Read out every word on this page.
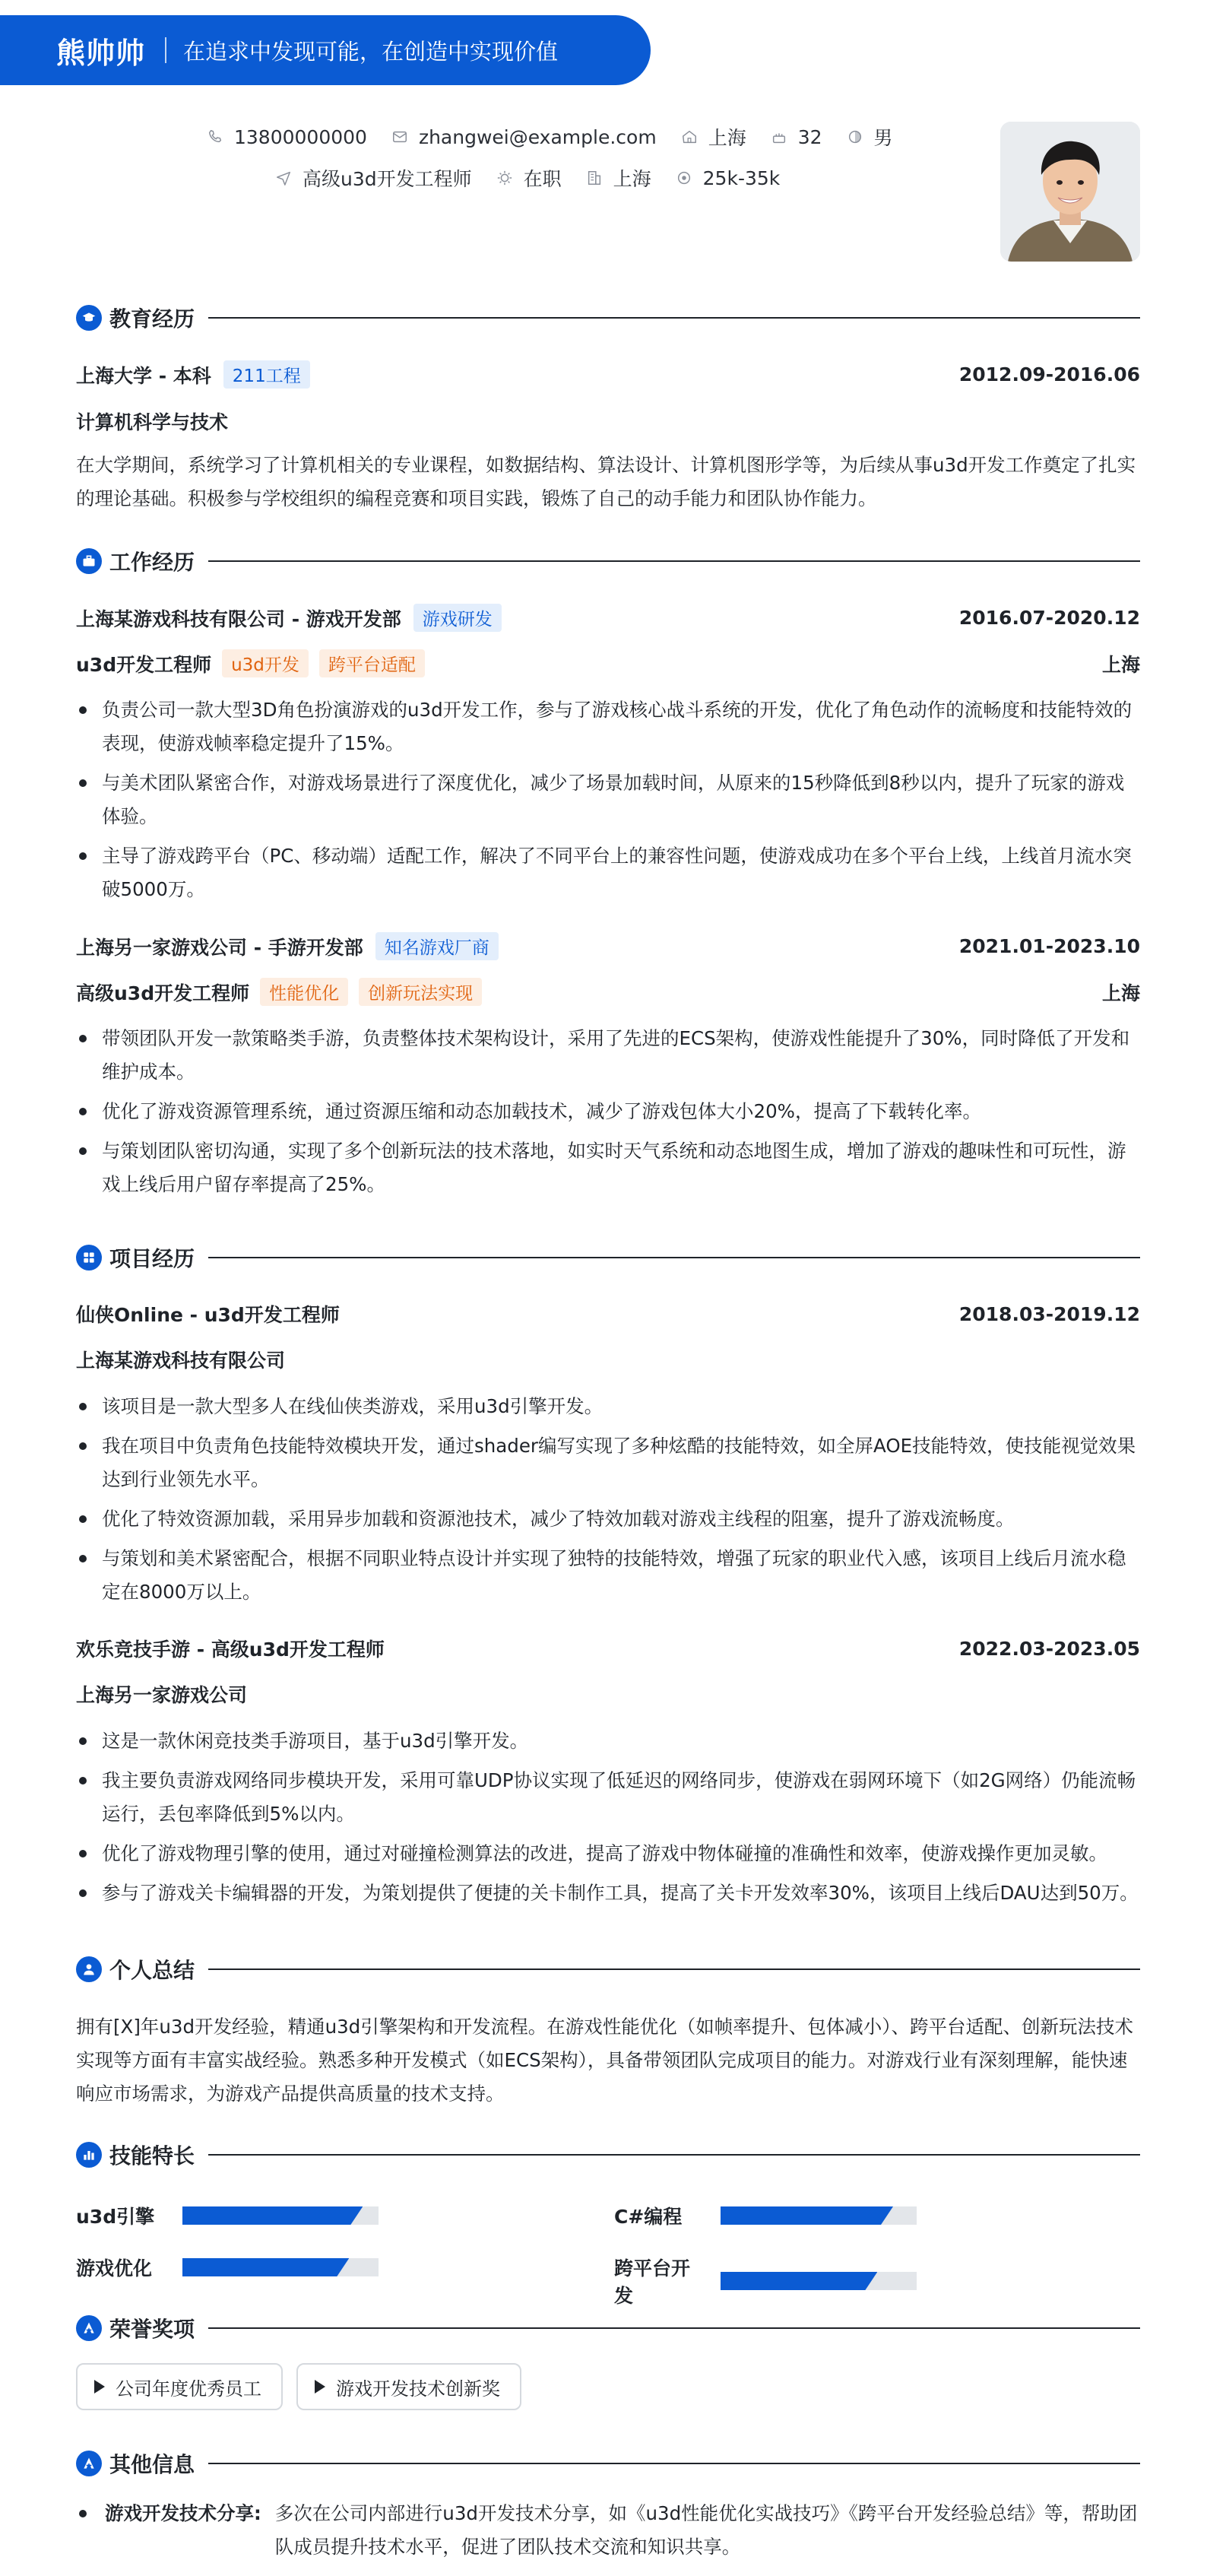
熊帅帅 在追求中发现可能，在创造中实现价值
13800000000	zhangwei@example.com	上海	32	男
高级u3d开发工程师	在职	上海	25k-35k
教育经历
上海大学 - 本科	211工程	2012.09-2016.06
计算机科学与技术
在大学期间，系统学习了计算机相关的专业课程，如数据结构、算法设计、计算机图形学等，为后续从事u3d开发工作奠定了扎实的理论基础。积极参与学校组织的编程竞赛和项目实践，锻炼了自己的动手能力和团队协作能力。
工作经历
上海某游戏科技有限公司 - 游戏开发部	游戏研发	2016.07-2020.12
u3d开发工程师	u3d开发	跨平台适配	上海
负责公司一款大型3D角色扮演游戏的u3d开发工作，参与了游戏核心战斗系统的开发，优化了角色动作的流畅度和技能特效的表现，使游戏帧率稳定提升了15%。
与美术团队紧密合作，对游戏场景进行了深度优化，减少了场景加载时间，从原来的15秒降低到8秒以内，提升了玩家的游戏体验。
主导了游戏跨平台（PC、移动端）适配工作，解决了不同平台上的兼容性问题，使游戏成功在多个平台上线，上线首月流水突破5000万。
上海另一家游戏公司 - 手游开发部	知名游戏厂商	2021.01-2023.10
高级u3d开发工程师	性能优化	创新玩法实现	上海
带领团队开发一款策略类手游，负责整体技术架构设计，采用了先进的ECS架构，使游戏性能提升了30%，同时降低了开发和维护成本。
优化了游戏资源管理系统，通过资源压缩和动态加载技术，减少了游戏包体大小20%，提高了下载转化率。
与策划团队密切沟通，实现了多个创新玩法的技术落地，如实时天气系统和动态地图生成，增加了游戏的趣味性和可玩性，游戏上线后用户留存率提高了25%。
项目经历
仙侠Online - u3d开发工程师	2018.03-2019.12
上海某游戏科技有限公司
该项目是一款大型多人在线仙侠类游戏，采用u3d引擎开发。
我在项目中负责角色技能特效模块开发，通过shader编写实现了多种炫酷的技能特效，如全屏AOE技能特效，使技能视觉效果达到行业领先水平。
优化了特效资源加载，采用异步加载和资源池技术，减少了特效加载对游戏主线程的阻塞，提升了游戏流畅度。
与策划和美术紧密配合，根据不同职业特点设计并实现了独特的技能特效，增强了玩家的职业代入感，该项目上线后月流水稳定在8000万以上。
欢乐竞技手游 - 高级u3d开发工程师	2022.03-2023.05
上海另一家游戏公司
这是一款休闲竞技类手游项目，基于u3d引擎开发。
我主要负责游戏网络同步模块开发，采用可靠UDP协议实现了低延迟的网络同步，使游戏在弱网环境下（如2G网络）仍能流畅运行，丢包率降低到5%以内。
优化了游戏物理引擎的使用，通过对碰撞检测算法的改进，提高了游戏中物体碰撞的准确性和效率，使游戏操作更加灵敏。
参与了游戏关卡编辑器的开发，为策划提供了便捷的关卡制作工具，提高了关卡开发效率30%，该项目上线后DAU达到50万。
个人总结
拥有[X]年u3d开发经验，精通u3d引擎架构和开发流程。在游戏性能优化（如帧率提升、包体减小）、跨平台适配、创新玩法技术实现等方面有丰富实战经验。熟悉多种开发模式（如ECS架构），具备带领团队完成项目的能力。对游戏行业有深刻理解，能快速响应市场需求，为游戏产品提供高质量的技术支持。
技能特长
u3d引擎	C#编程
游戏优化	跨平台开发
荣誉奖项
公司年度优秀员工	游戏开发技术创新奖
其他信息
游戏开发技术分享: 多次在公司内部进行u3d开发技术分享，如《u3d性能优化实战技巧》《跨平台开发经验总结》等，帮助团队成员提升技术水平，促进了团队技术交流和知识共享。
